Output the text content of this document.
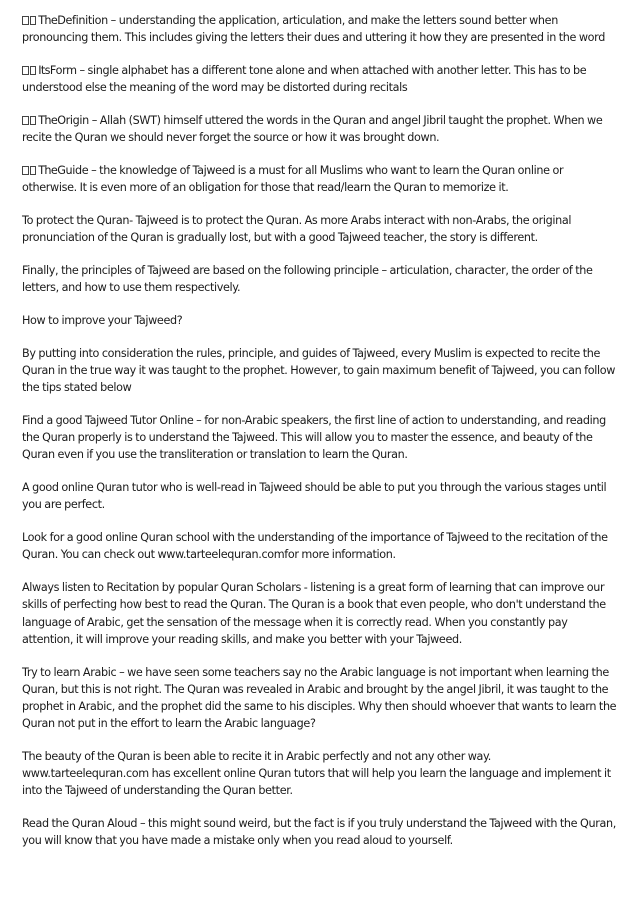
TheDefinition – understanding the application, articulation, and make the letters sound better when pronouncing them. This includes giving the letters their dues and uttering it how they are presented in the word

ItsForm – single alphabet has a different tone alone and when attached with another letter. This has to be understood else the meaning of the word may be distorted during recitals

TheOrigin – Allah (SWT) himself uttered the words in the Quran and angel Jibril taught the prophet. When we recite the Quran we should never forget the source or how it was brought down.

TheGuide – the knowledge of Tajweed is a must for all Muslims who want to learn the Quran online or otherwise. It is even more of an obligation for those that read/learn the Quran to memorize it.

To protect the Quran- Tajweed is to protect the Quran. As more Arabs interact with non-Arabs, the original pronunciation of the Quran is gradually lost, but with a good Tajweed teacher, the story is different.

Finally, the principles of Tajweed are based on the following principle – articulation, character, the order of the letters, and how to use them respectively.

How to improve your Tajweed?

By putting into consideration the rules, principle, and guides of Tajweed, every Muslim is expected to recite the Quran in the true way it was taught to the prophet. However, to gain maximum benefit of Tajweed, you can follow the tips stated below

Find a good Tajweed Tutor Online – for non-Arabic speakers, the first line of action to understanding, and reading the Quran properly is to understand the Tajweed. This will allow you to master the essence, and beauty of the Quran even if you use the transliteration or translation to learn the Quran.

A good online Quran tutor who is well-read in Tajweed should be able to put you through the various stages until you are perfect.

Look for a good online Quran school with the understanding of the importance of Tajweed to the recitation of the Quran. You can check out www.tarteelequran.comfor more information.

Always listen to Recitation by popular Quran Scholars - listening is a great form of learning that can improve our skills of perfecting how best to read the Quran. The Quran is a book that even people, who don't understand the language of Arabic, get the sensation of the message when it is correctly read. When you constantly pay attention, it will improve your reading skills, and make you better with your Tajweed.

Try to learn Arabic – we have seen some teachers say no the Arabic language is not important when learning the Quran, but this is not right. The Quran was revealed in Arabic and brought by the angel Jibril, it was taught to the prophet in Arabic, and the prophet did the same to his disciples. Why then should whoever that wants to learn the Quran not put in the effort to learn the Arabic language?

The beauty of the Quran is been able to recite it in Arabic perfectly and not any other way. www.tarteelequran.com has excellent online Quran tutors that will help you learn the language and implement it into the Tajweed of understanding the Quran better.

Read the Quran Aloud – this might sound weird, but the fact is if you truly understand the Tajweed with the Quran, you will know that you have made a mistake only when you read aloud to yourself.
